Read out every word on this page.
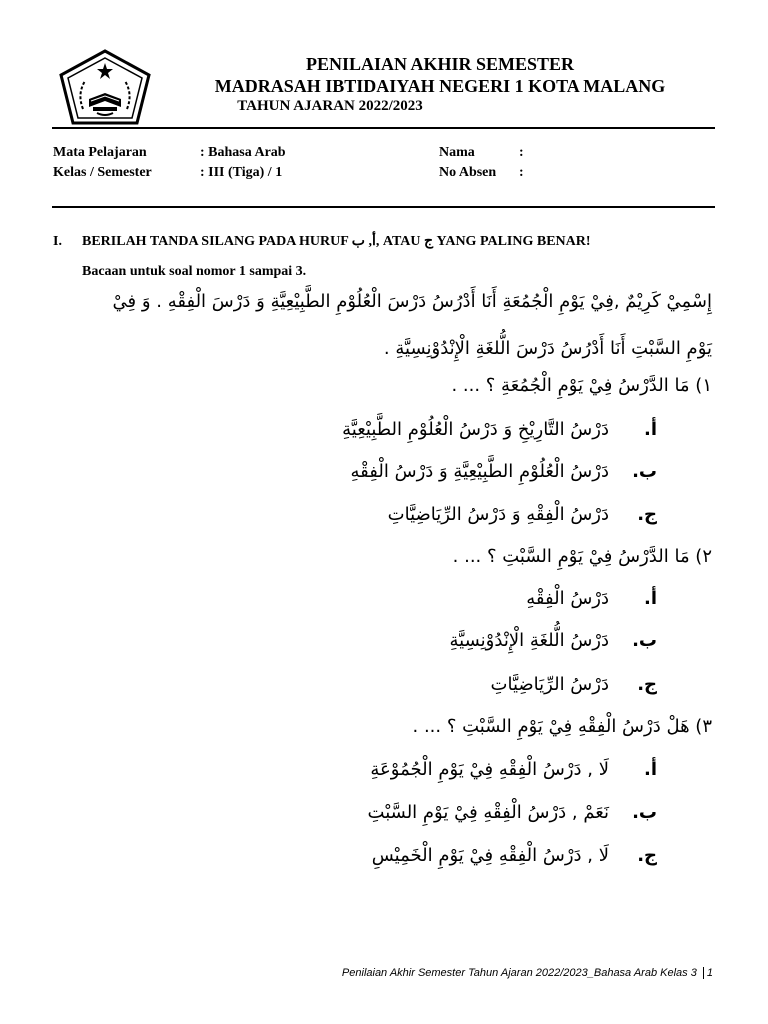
PENILAIAN AKHIR SEMESTER
MADRASAH IBTIDAIYAH NEGERI 1 KOTA MALANG
TAHUN AJARAN 2022/2023
Mata Pelajaran	: Bahasa Arab
Kelas / Semester	: III (Tiga) / 1
Nama	:
No Absen :
I. BERILAH TANDA SILANG PADA HURUF أ, ب, ATAU ج YANG PALING BENAR!
Bacaan untuk soal nomor 1 sampai 3.
إِسْمِيْ كَرِيْمٌ ,فِيْ يَوْمِ الْجُمُعَةِ أَنَا أَدْرُسُ دَرْسَ الْعُلُوْمِ الطَّبِيْعِيَّةِ وَ دَرْسَ الْفِقْهِ . وَ فِيْ
يَوْمِ السَّبْتِ أَنَا أَدْرُسُ دَرْسَ الُّلغَةِ الْإِنْدُوْنِسِيَّةِ .
١) مَا الدَّرْسُ فِيْ يَوْمِ الْجُمُعَةِ ؟ ... .
أ.دَرْسُ التَّارِيْخِ وَ دَرْسُ الْعُلُوْمِ الطَّبِيْعِيَّةِ
ب.دَرْسُ الْعُلُوْمِ الطَّبِيْعِيَّةِ وَ دَرْسُ الْفِقْهِ
ج.دَرْسُ الْفِقْهِ وَ دَرْسُ الرِّيَاضِيَّاتِ
٢) مَا الدَّرْسُ فِيْ يَوْمِ السَّبْتِ ؟ ... .
أ.دَرْسُ الْفِقْهِ
ب.دَرْسُ الُّلغَةِ الْإِنْدُوْنِسِيَّةِ
ج.دَرْسُ الرِّيَاضِيَّاتِ
٣) هَلْ دَرْسُ الْفِقْهِ فِيْ يَوْمِ السَّبْتِ ؟ ... .
أ.لَا , دَرْسُ الْفِقْهِ فِيْ يَوْمِ الْجُمُوْعَةِ
ب.نَعَمْ , دَرْسُ الْفِقْهِ فِيْ يَوْمِ السَّبْتِ
ج.لَا , دَرْسُ الْفِقْهِ فِيْ يَوْمِ الْخَمِيْسِ
Penilaian Akhir Semester Tahun Ajaran 2022/2023_Bahasa Arab Kelas 3 1
